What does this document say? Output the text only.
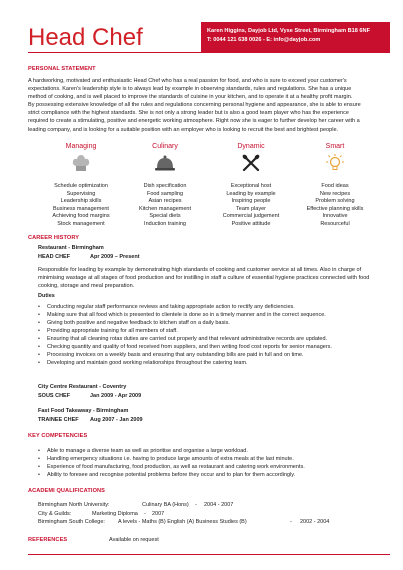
Head Chef	Karen Higgins, Dayjob Ltd, Vyse Street, Birmingham B18 6NF
T: 0044 121 638 0026 - E: info@dayjob.com
PERSONAL STATEMENT
A hardworking, motivated and enthusiastic Head Chef who has a real passion for food, and who is sure to exceed your customer's
expectations. Karen's leadership style is to always lead by example in observing standards, rules and regulations. She has a unique
method of cooking, and is well placed to improve the standards of cuisine in your kitchen, and to operate it at a healthy profit margin.
By possessing extensive knowledge of all the rules and regulations concerning personal hygiene and appearance, she is able to ensure
strict compliance with the highest standards. She is not only a strong leader but is also a good team player who has the experience
required to create a stimulating, positive and energetic working atmosphere. Right now she is eager to further develop her career with a
leading company, and is looking for a suitable position with an employer who is looking to recruit the best and brightest people.
Managing
Schedule optimization
Supervising
Leadership skills
Business management
Achieving food margins
Stock management
Culinary
Dish specification
Food sampling
Asian recipes
Kitchen management
Special diets
Induction training
Dynamic
Exceptional host
Leading by example
Inspiring people
Team player
Commercial judgement
Positive attitude
Smart
Food ideas
New recipes
Problem solving
Effective planning skills
Innovative
Resourceful
CAREER HISTORY
Restaurant - Birmingham
HEAD CHEF	Apr 2009 – Present
Responsible for leading by example by demonstrating high standards of cooking and customer service at all times. Also in charge of
minimising wastage at all stages of food production and for instilling in staff a culture of essential hygiene practices connected with food
cooking, storage and meal preparation.
Duties
• Conducting regular staff performance reviews and taking appropriate action to rectify any deficiencies.
• Making sure that all food which is presented to clientele is done so in a timely manner and in the correct sequence.
• Giving both positive and negative feedback to kitchen staff on a daily basis.
• Providing appropriate training for all members of staff.
• Ensuring that all cleaning rotas duties are carried out properly and that relevant administrative records are updated.
• Checking quantity and quality of food received from suppliers, and then writing food cost reports for senior managers.
• Processing invoices on a weekly basis and ensuring that any outstanding bills are paid in full and on time.
• Developing and maintain good working relationships throughout the catering team.
City Centre Restaurant - Coventry
SOUS CHEF	Jan 2009 - Apr 2009
Fast Food Takeaway - Birmingham
TRAINEE CHEF Aug 2007 - Jan 2009
KEY COMPETENCIES
• Able to manage a diverse team as well as prioritise and organise a large workload.
• Handling emergency situations i.e. having to produce large amounts of extra meals at the last minute.
• Experience of food manufacturing, food production, as well as restaurant and catering work environments.
• Ability to foresee and recognise potential problems before they occur and to plan for them accordingly.
ACADEMI QUALIFICATIONS
Birmingham North University:	Culinary BA (Hons) - 2004 - 2007
City & Guilds:	Marketing Diploma - 2007
Birmingham South College: A levels - Maths (B) English (A) Business Studies (B)	- 2002 - 2004
REFERENCES	Available on request
